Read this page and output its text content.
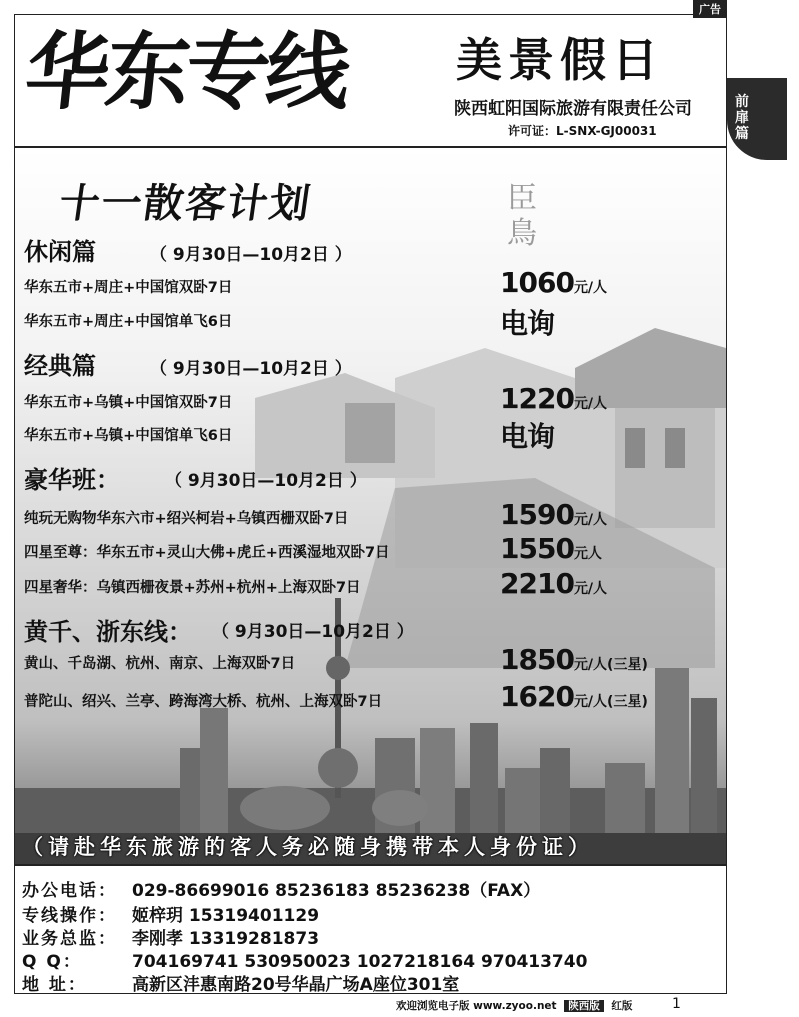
广告
前
扉
篇
华东专线 美景假日
陕西虹阳国际旅游有限责任公司
许可证：L-SNX-GJ00031
臣
鳥
十一散客计划
休闲篇	（ 9月30日—10月2日 ）
华东五市+周庄+中国馆双卧7日	1060元/人
华东五市+周庄+中国馆单飞6日	电询
经典篇	（ 9月30日—10月2日 ）
华东五市+乌镇+中国馆双卧7日	1220元/人
华东五市+乌镇+中国馆单飞6日	电询
豪华班：	（ 9月30日—10月2日 ）
纯玩无购物华东六市+绍兴柯岩+乌镇西栅双卧7日	1590元/人
四星至尊：华东五市+灵山大佛+虎丘+西溪湿地双卧7日	1550元人
四星奢华：乌镇西栅夜景+苏州+杭州+上海双卧7日	2210元/人
黄千、浙东线： （ 9月30日—10月2日 ）
黄山、千岛湖、杭州、南京、上海双卧7日	1850元/人(三星)
普陀山、绍兴、兰亭、跨海湾大桥、杭州、上海双卧7日	1620元/人(三星)
（请赴华东旅游的客人务必随身携带本人身份证）
办公电话： 029-86699016 85236183 85236238（FAX）
专线操作： 姬梓玥 15319401129
业务总监： 李刚孝 13319281873
Q Q：	704169741 530950023 1027218164 970413740
地 址：	高新区沣惠南路20号华晶广场A座位301室
欢迎浏览电子版 www.zyoo.net 陕西版 红版	1
